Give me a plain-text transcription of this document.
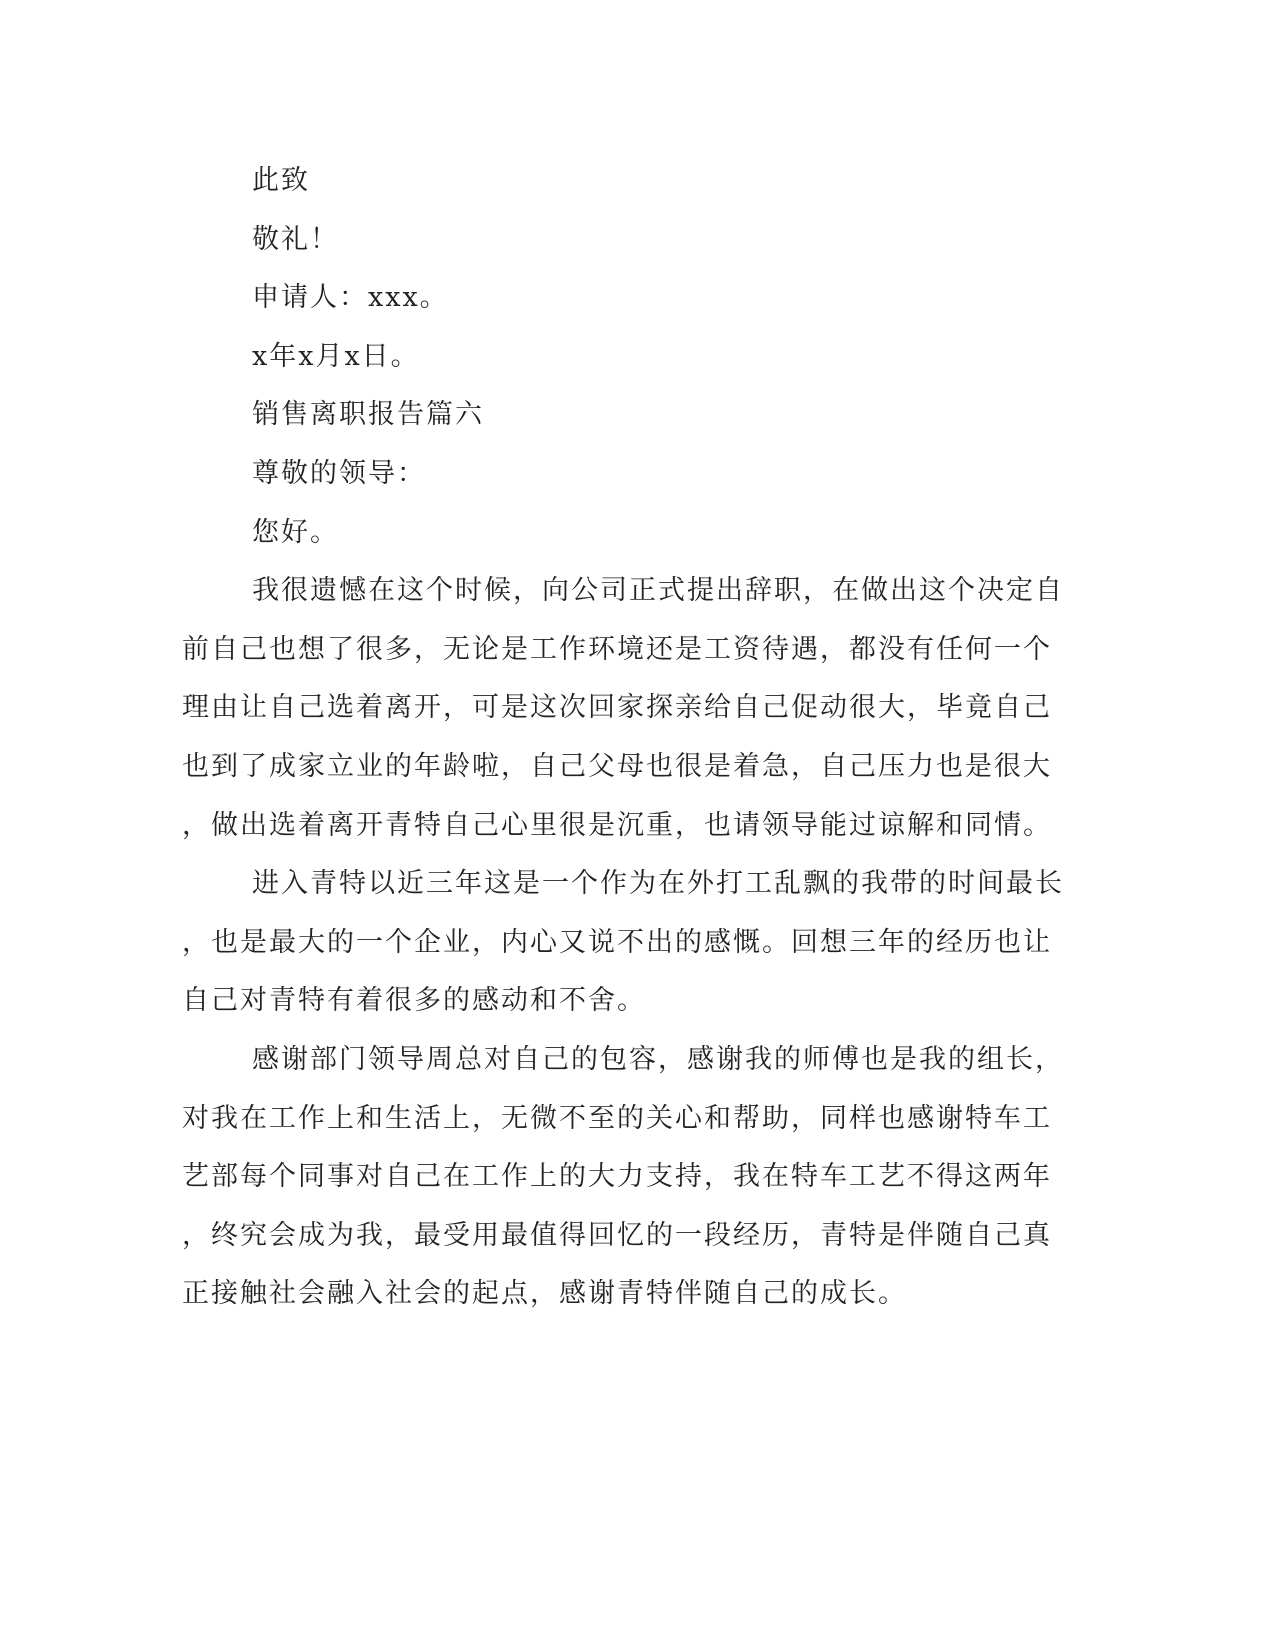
此致
敬礼！
申请人：xxx。
x年x月x日。
销售离职报告篇六
尊敬的领导：
您好。
我很遗憾在这个时候，向公司正式提出辞职，在做出这个决定自
前自己也想了很多，无论是工作环境还是工资待遇，都没有任何一个
理由让自己选着离开，可是这次回家探亲给自己促动很大，毕竟自己
也到了成家立业的年龄啦，自己父母也很是着急，自己压力也是很大
，做出选着离开青特自己心里很是沉重，也请领导能过谅解和同情。
进入青特以近三年这是一个作为在外打工乱飘的我带的时间最长
，也是最大的一个企业，内心又说不出的感慨。回想三年的经历也让
自己对青特有着很多的感动和不舍。
感谢部门领导周总对自己的包容，感谢我的师傅也是我的组长，
对我在工作上和生活上，无微不至的关心和帮助，同样也感谢特车工
艺部每个同事对自己在工作上的大力支持，我在特车工艺不得这两年
，终究会成为我，最受用最值得回忆的一段经历，青特是伴随自己真
正接触社会融入社会的起点，感谢青特伴随自己的成长。
